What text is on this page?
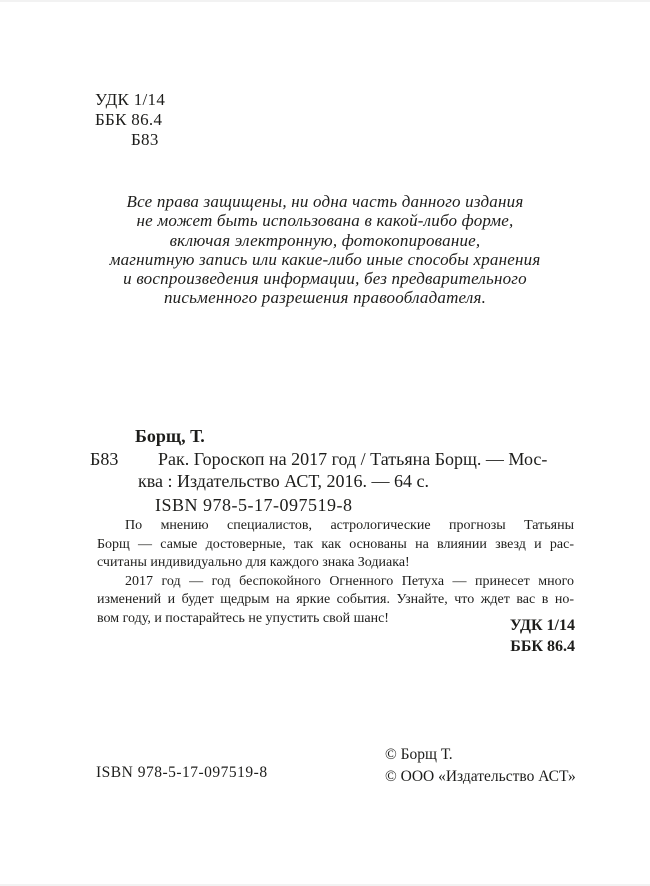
УДК 1/14
ББК 86.4
Б83
Все права защищены, ни одна часть данного издания
не может быть использована в какой-либо форме,
включая электронную, фотокопирование,
магнитную запись или какие-либо иные способы хранения
и воспроизведения информации, без предварительного
письменного разрешения правообладателя.
Борщ, Т.
Б83	Рак. Гороскоп на 2017 год / Татьяна Борщ. — Мос-
ква : Издательство АСТ, 2016. — 64 с.
ISBN 978-5-17-097519-8
По мнению специалистов, астрологические прогнозы Татьяны
Борщ — самые достоверные, так как основаны на влиянии звезд и рас-
считаны индивидуально для каждого знака Зодиака!
2017 год — год беспокойного Огненного Петуха — принесет много
изменений и будет щедрым на яркие события. Узнайте, что ждет вас в но-
вом году, и постарайтесь не упустить свой шанс!	УДК 1/14
ББК 86.4
ISBN 978-5-17-097519-8
© Борщ Т.
© ООО «Издательство АСТ»
